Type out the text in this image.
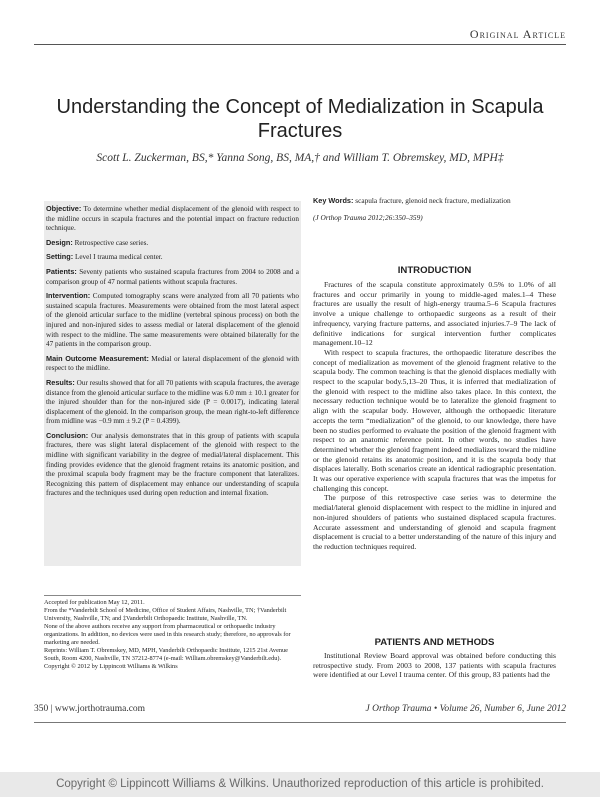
Original Article
Understanding the Concept of Medialization in Scapula Fractures
Scott L. Zuckerman, BS,* Yanna Song, BS, MA,† and William T. Obremskey, MD, MPH‡

Objective: To determine whether medial displacement of the glenoid with respect to the midline occurs in scapula fractures and the potential impact on fracture reduction technique.

Design: Retrospective case series.

Setting: Level I trauma medical center.

Patients: Seventy patients who sustained scapula fractures from 2004 to 2008 and a comparison group of 47 normal patients without scapula fractures.

Intervention: Computed tomography scans were analyzed from all 70 patients who sustained scapula fractures. Measurements were obtained from the most lateral aspect of the glenoid articular surface to the midline (vertebral spinous process) on both the injured and non-injured sides to assess medial or lateral displacement of the glenoid with respect to the midline. The same measurements were obtained bilaterally for the 47 patients in the comparison group.

Main Outcome Measurement: Medial or lateral displacement of the glenoid with respect to the midline.

Results: Our results showed that for all 70 patients with scapula fractures, the average distance from the glenoid articular surface to the midline was 6.0 mm ± 10.1 greater for the injured shoulder than for the non-injured side (P = 0.0017), indicating lateral displacement of the glenoid. In the comparison group, the mean right-to-left difference from midline was −0.9 mm ± 9.2 (P = 0.4399).

Conclusion: Our analysis demonstrates that in this group of patients with scapula fractures, there was slight lateral displacement of the glenoid with respect to the midline with significant variability in the degree of medial/lateral displacement. This finding provides evidence that the glenoid fragment retains its anatomic position, and the proximal scapula body fragment may be the fracture component that lateralizes. Recognizing this pattern of displacement may enhance our understanding of scapula fractures and the techniques used during open reduction and internal fixation.

Accepted for publication May 12, 2011.

From the *Vanderbilt School of Medicine, Office of Student Affairs, Nashville, TN; †Vanderbilt University, Nashville, TN; and ‡Vanderbilt Orthopaedic Institute, Nashville, TN.

None of the above authors receive any support from pharmaceutical or orthopaedic industry organizations. In addition, no devices were used in this research study; therefore, no approvals for marketing are needed.

Reprints: William T. Obremskey, MD, MPH, Vanderbilt Orthopaedic Institute, 1215 21st Avenue South, Room 4200, Nashville, TN 37212-8774 (e-mail: William.obremskey@Vanderbilt.edu).

Copyright © 2012 by Lippincott Williams & Wilkins

Key Words: scapula fracture, glenoid neck fracture, medialization
(J Orthop Trauma 2012;26:350–359)
INTRODUCTION

Fractures of the scapula constitute approximately 0.5% to 1.0% of all fractures and occur primarily in young to middle-aged males.1–4 These fractures are usually the result of high-energy trauma.5–6 Scapula fractures involve a unique challenge to orthopaedic surgeons as a result of their infrequency, varying fracture patterns, and associated injuries.7–9 The lack of definitive indications for surgical intervention further complicates management.10–12

With respect to scapula fractures, the orthopaedic literature describes the concept of medialization as movement of the glenoid fragment relative to the scapula body. The common teaching is that the glenoid displaces medially with respect to the scapular body.5,13–20 Thus, it is inferred that medialization of the glenoid with respect to the midline also takes place. In this context, the necessary reduction technique would be to lateralize the glenoid fragment to align with the scapular body. However, although the orthopaedic literature accepts the term “medialization” of the glenoid, to our knowledge, there have been no studies performed to evaluate the position of the glenoid fragment with respect to an anatomic reference point. In other words, no studies have determined whether the glenoid fragment indeed medializes toward the midline or the glenoid retains its anatomic position, and it is the scapula body that displaces laterally. Both scenarios create an identical radiographic presentation. It was our operative experience with scapula fractures that was the impetus for challenging this concept.

The purpose of this retrospective case series was to determine the medial/lateral glenoid displacement with respect to the midline in injured and non-injured shoulders of patients who sustained displaced scapula fractures. Accurate assessment and understanding of glenoid and scapula fragment displacement is crucial to a better understanding of the nature of this injury and the reduction techniques required.

PATIENTS AND METHODS

Institutional Review Board approval was obtained before conducting this retrospective study. From 2003 to 2008, 137 patients with scapula fractures were identified at our Level I trauma center. Of this group, 83 patients had the

350 | www.jorthotrauma.com	J Orthop Trauma • Volume 26, Number 6, June 2012
Copyright © Lippincott Williams & Wilkins. Unauthorized reproduction of this article is prohibited.
